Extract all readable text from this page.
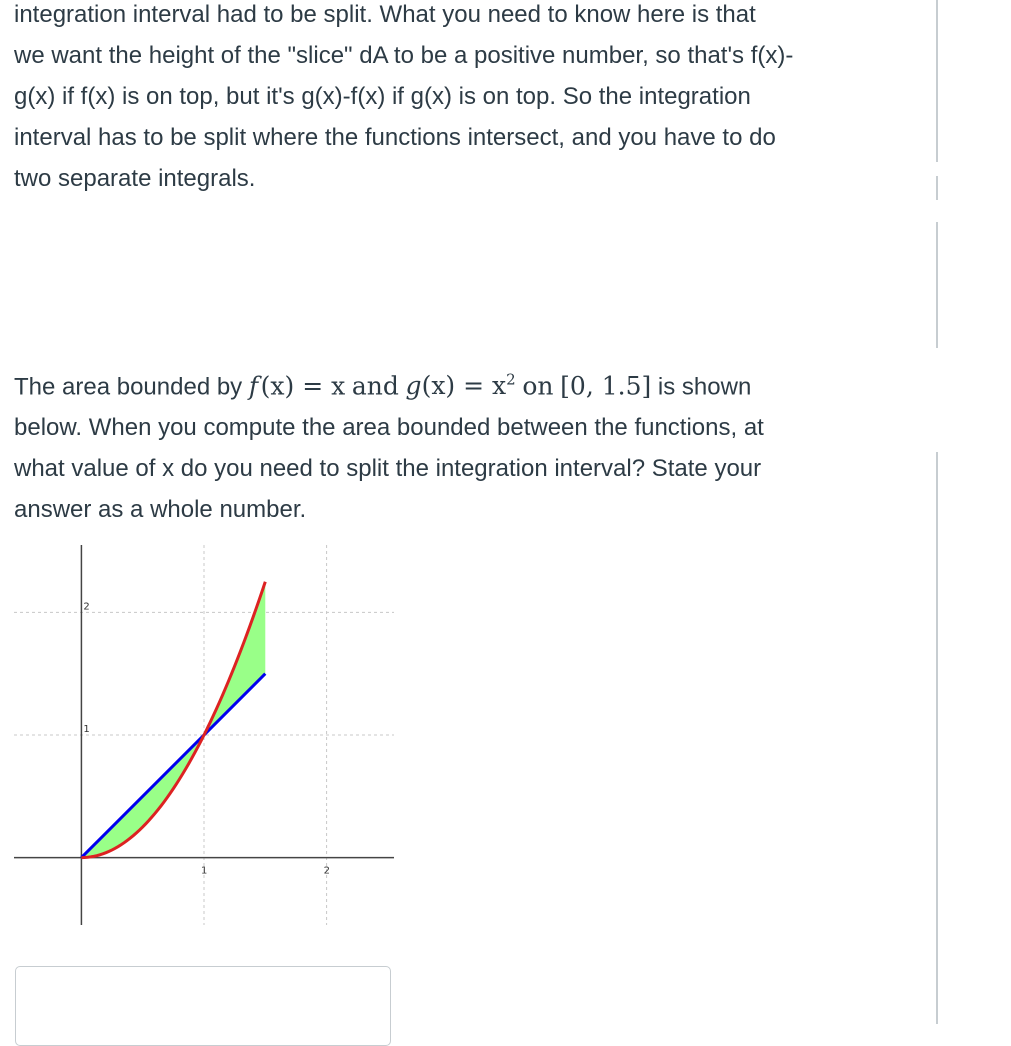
integration interval had to be split. What you need to know here is that
we want the height of the "slice" dA to be a positive number, so that's f(x)-
g(x) if f(x) is on top, but it's g(x)-f(x) if g(x) is on top. So the integration
interval has to be split where the functions intersect, and you have to do
two separate integrals.

The area bounded by f  (x) = x and $g(x) = x^2$ on [0, 1.5] is shown
below. When you compute the area bounded between the functions, at
what value of x do you need to split the integration interval? State your
answer as a whole number.

1	2
1
2
